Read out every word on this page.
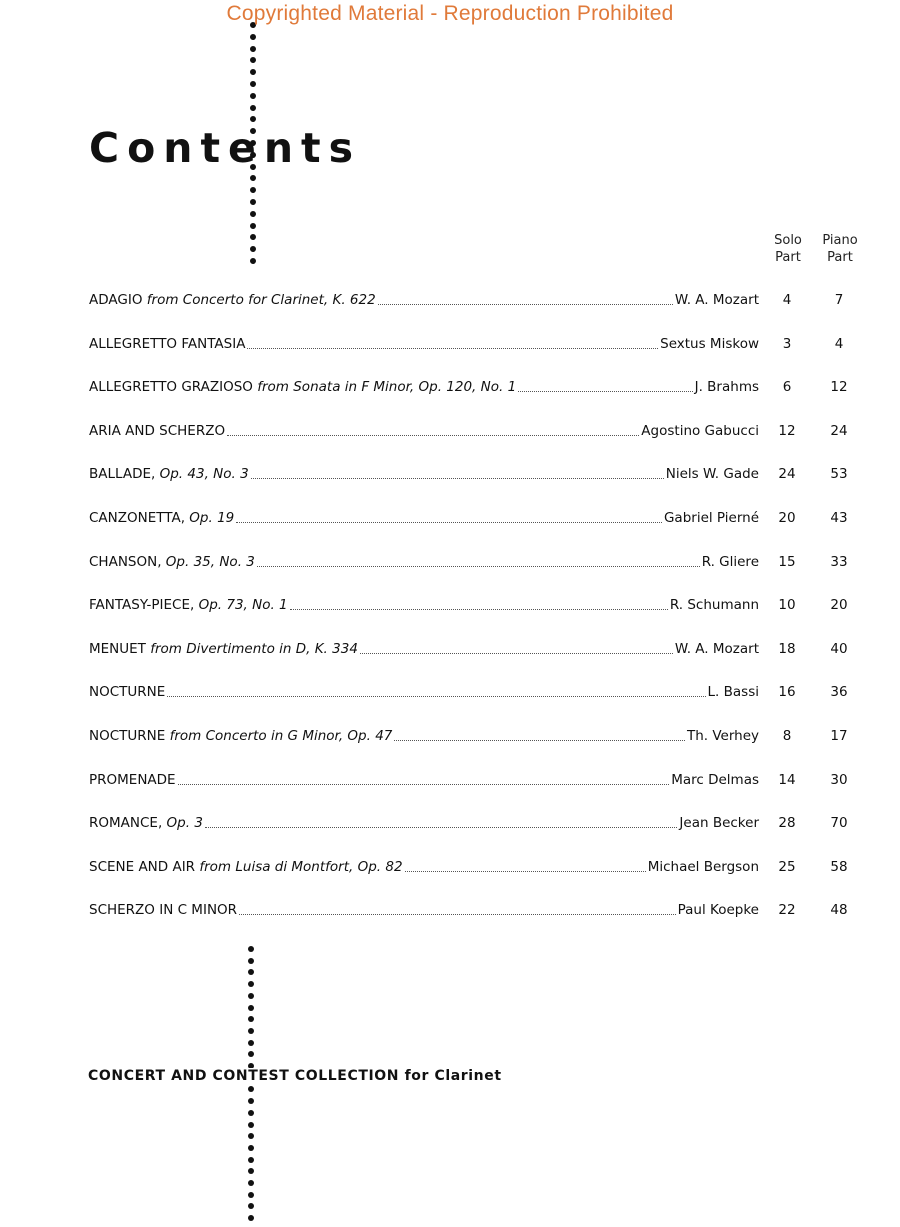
Copyrighted Material - Reproduction Prohibited
Contents
Solo Part
Piano Part
ADAGIO from Concerto for Clarinet, K. 622	W. A. Mozart	4	7
ALLEGRETTO FANTASIA	Sextus Miskow	3	4
ALLEGRETTO GRAZIOSO from Sonata in F Minor, Op. 120, No. 1	J. Brahms	6	12
ARIA AND SCHERZO	Agostino Gabucci	12	24
BALLADE, Op. 43, No. 3	Niels W. Gade	24	53
CANZONETTA, Op. 19	Gabriel Pierné	20	43
CHANSON, Op. 35, No. 3	R. Gliere	15	33
FANTASY-PIECE, Op. 73, No. 1	R. Schumann	10	20
MENUET from Divertimento in D, K. 334	W. A. Mozart	18	40
NOCTURNE	L. Bassi	16	36
NOCTURNE from Concerto in G Minor, Op. 47	Th. Verhey	8	17
PROMENADE	Marc Delmas	14	30
ROMANCE, Op. 3	Jean Becker	28	70
SCENE AND AIR from Luisa di Montfort, Op. 82	Michael Bergson	25	58
SCHERZO IN C MINOR	Paul Koepke	22	48
CONCERT AND CONTEST COLLECTION for Clarinet
